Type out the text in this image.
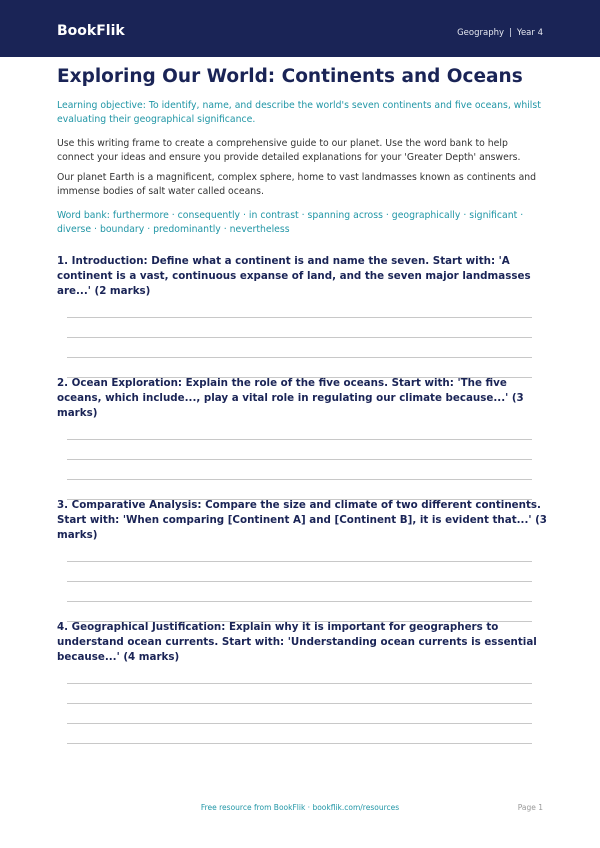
BookFlik	Geography | Year 4
Exploring Our World: Continents and Oceans
Learning objective: To identify, name, and describe the world's seven continents and five oceans, whilst evaluating their geographical significance.
Use this writing frame to create a comprehensive guide to our planet. Use the word bank to help connect your ideas and ensure you provide detailed explanations for your 'Greater Depth' answers.
Our planet Earth is a magnificent, complex sphere, home to vast landmasses known as continents and immense bodies of salt water called oceans.
Word bank: furthermore · consequently · in contrast · spanning across · geographically · significant · diverse · boundary · predominantly · nevertheless
1. Introduction: Define what a continent is and name the seven. Start with: 'A continent is a vast, continuous expanse of land, and the seven major landmasses are...' (2 marks)
2. Ocean Exploration: Explain the role of the five oceans. Start with: 'The five oceans, which include..., play a vital role in regulating our climate because...' (3 marks)
3. Comparative Analysis: Compare the size and climate of two different continents. Start with: 'When comparing [Continent A] and [Continent B], it is evident that...' (3 marks)
4. Geographical Justification: Explain why it is important for geographers to understand ocean currents. Start with: 'Understanding ocean currents is essential because...' (4 marks)
Free resource from BookFlik · bookflik.com/resources	Page 1
